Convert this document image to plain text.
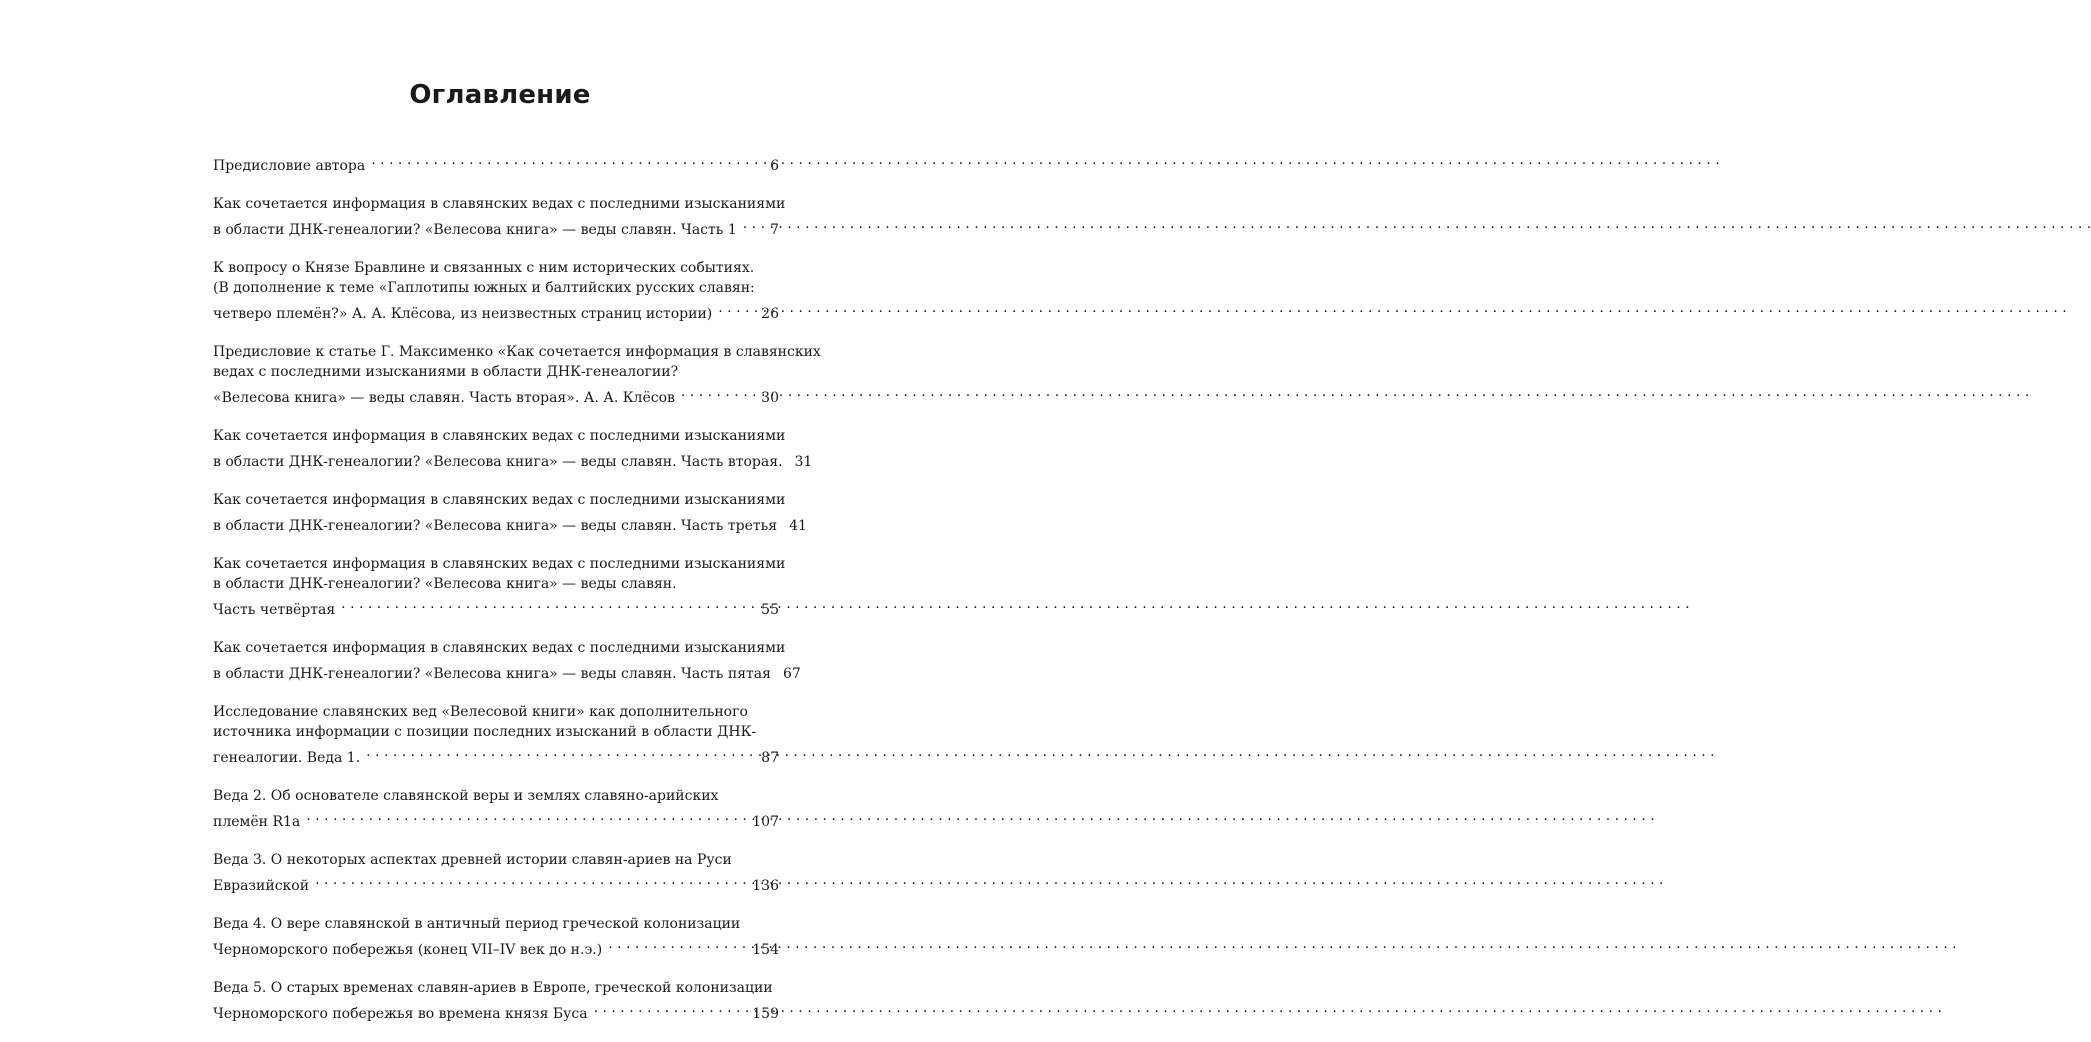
Оглавление
Предисловие автора . . .	6
Как сочетается информация в славянских ведах с последними изысканиями
в области ДНК-генеалогии? «Велесова книга» — веды славян. Часть 1 . . . 7
К вопросу о Князе Бравлине и связанных с ним исторических событиях.
(В дополнение к теме «Гаплотипы южных и балтийских русских славян:
четверо племён?» А. А. Клёсова, из неизвестных страниц истории) . . .	26
Предисловие к статье Г. Максименко «Как сочетается информация в славянских
ведах с последними изысканиями в области ДНК-генеалогии?
«Велесова книга» — веды славян. Часть вторая». А. А. Клёсов . . .	30
Как сочетается информация в славянских ведах с последними изысканиями
в области ДНК-генеалогии? «Велесова книга» — веды славян. Часть вторая. 31
Как сочетается информация в славянских ведах с последними изысканиями
в области ДНК-генеалогии? «Велесова книга» — веды славян. Часть третья 41
Как сочетается информация в славянских ведах с последними изысканиями
в области ДНК-генеалогии? «Велесова книга» — веды славян.
Часть четвёртая . . .	55
Как сочетается информация в славянских ведах с последними изысканиями
в области ДНК-генеалогии? «Велесова книга» — веды славян. Часть пятая 67
Исследование славянских вед «Велесовой книги» как дополнительного
источника информации с позиции последних изысканий в области ДНК-
генеалогии. Веда 1. . . .	87
Веда 2. Об основателе славянской веры и землях славяно-арийских
племён R1a . . .	107
Веда 3. О некоторых аспектах древней истории славян-ариев на Руси
Евразийской . . .	136
Веда 4. О вере славянской в античный период греческой колонизации
Черноморского побережья (конец VII–IV век до н.э.) . . .	154
Веда 5. О старых временах славян-ариев в Европе, греческой колонизации
Черноморского побережья во времена князя Буса . . .	159
